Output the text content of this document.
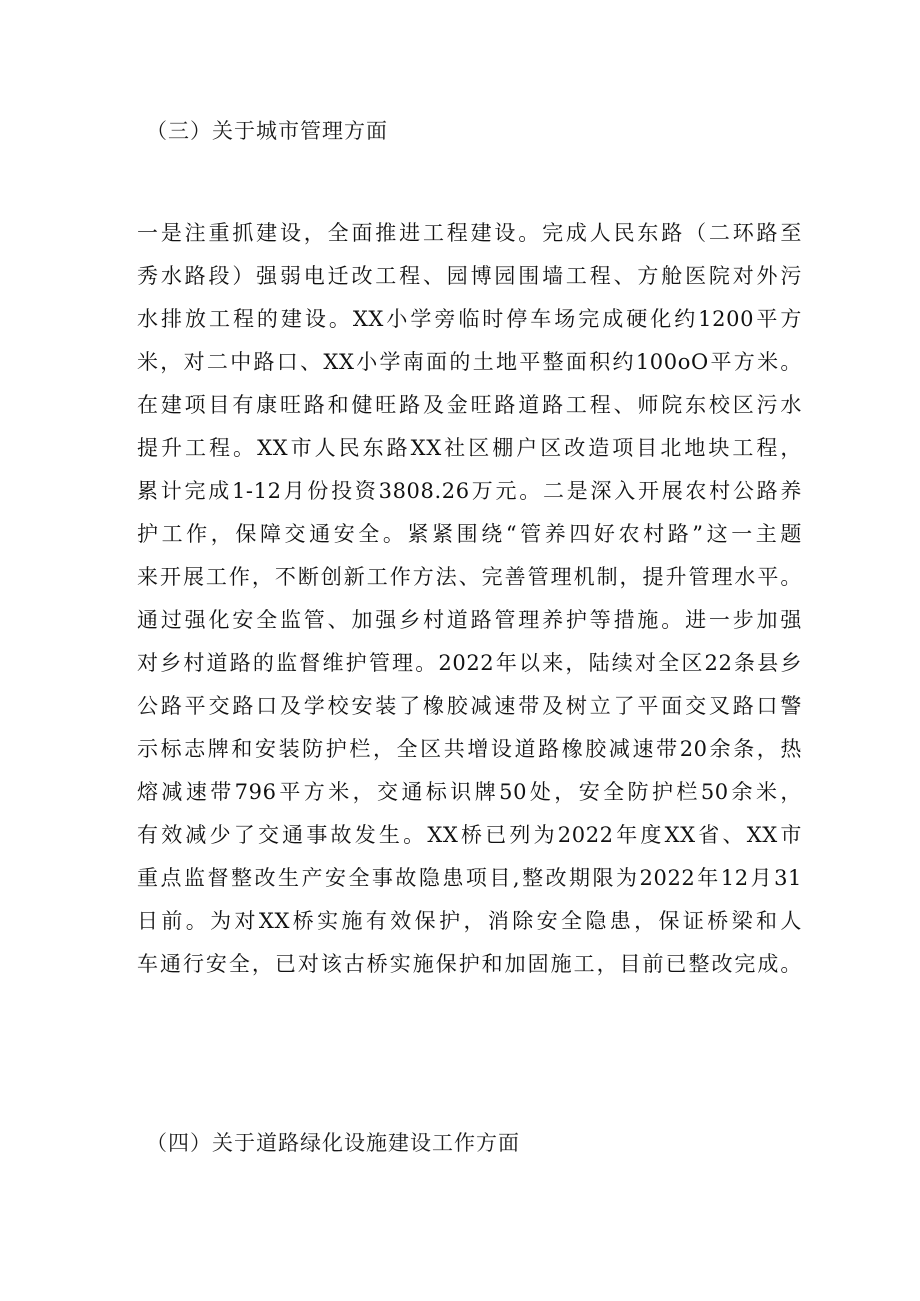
（三）关于城市管理方面
一是注重抓建设，全面推进工程建设。完成人民东路（二环路至
秀水路段）强弱电迁改工程、园博园围墙工程、方舱医院对外污
水排放工程的建设。XX小学旁临时停车场完成硬化约1200平方
米，对二中路口、XX小学南面的土地平整面积约100oO平方米。
在建项目有康旺路和健旺路及金旺路道路工程、师院东校区污水
提升工程。XX市人民东路XX社区棚户区改造项目北地块工程，
累计完成1-12月份投资3808.26万元。二是深入开展农村公路养
护工作，保障交通安全。紧紧围绕“管养四好农村路”这一主题
来开展工作，不断创新工作方法、完善管理机制，提升管理水平。
通过强化安全监管、加强乡村道路管理养护等措施。进一步加强
对乡村道路的监督维护管理。2022年以来，陆续对全区22条县乡
公路平交路口及学校安装了橡胶减速带及树立了平面交叉路口警
示标志牌和安装防护栏，全区共增设道路橡胶减速带20余条，热
熔减速带796平方米，交通标识牌50处，安全防护栏50余米，
有效减少了交通事故发生。XX桥已列为2022年度XX省、XX市
重点监督整改生产安全事故隐患项目,整改期限为2022年12月31
日前。为对XX桥实施有效保护，消除安全隐患，保证桥梁和人
车通行安全，已对该古桥实施保护和加固施工，目前已整改完成。
（四）关于道路绿化设施建设工作方面
